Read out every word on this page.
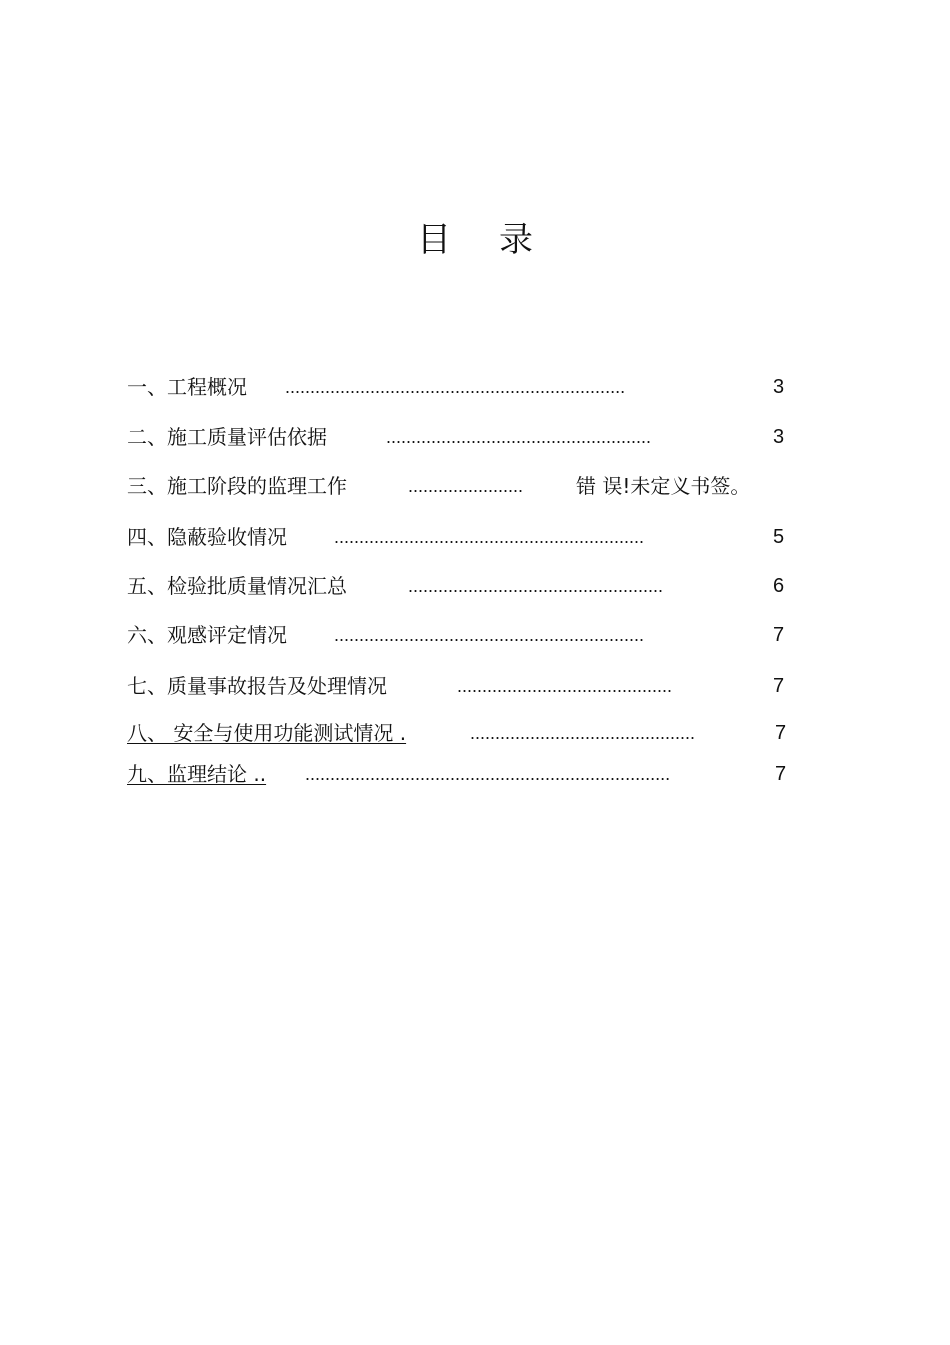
目 录
一、工程概况 ....................................................................	3
二、施工质量评估依据	.....................................................	3
三、施工阶段的监理工作	.......................	错 误!未定义书签。
四、隐蔽验收情况	..............................................................	5
五、检验批质量情况汇总	...................................................	6
六、观感评定情况	..............................................................	7
七、质量事故报告及处理情况	...........................................	7
八、 安全与使用功能测试情况 .	.............................................	7
九、监理结论 .. .........................................................................	7
